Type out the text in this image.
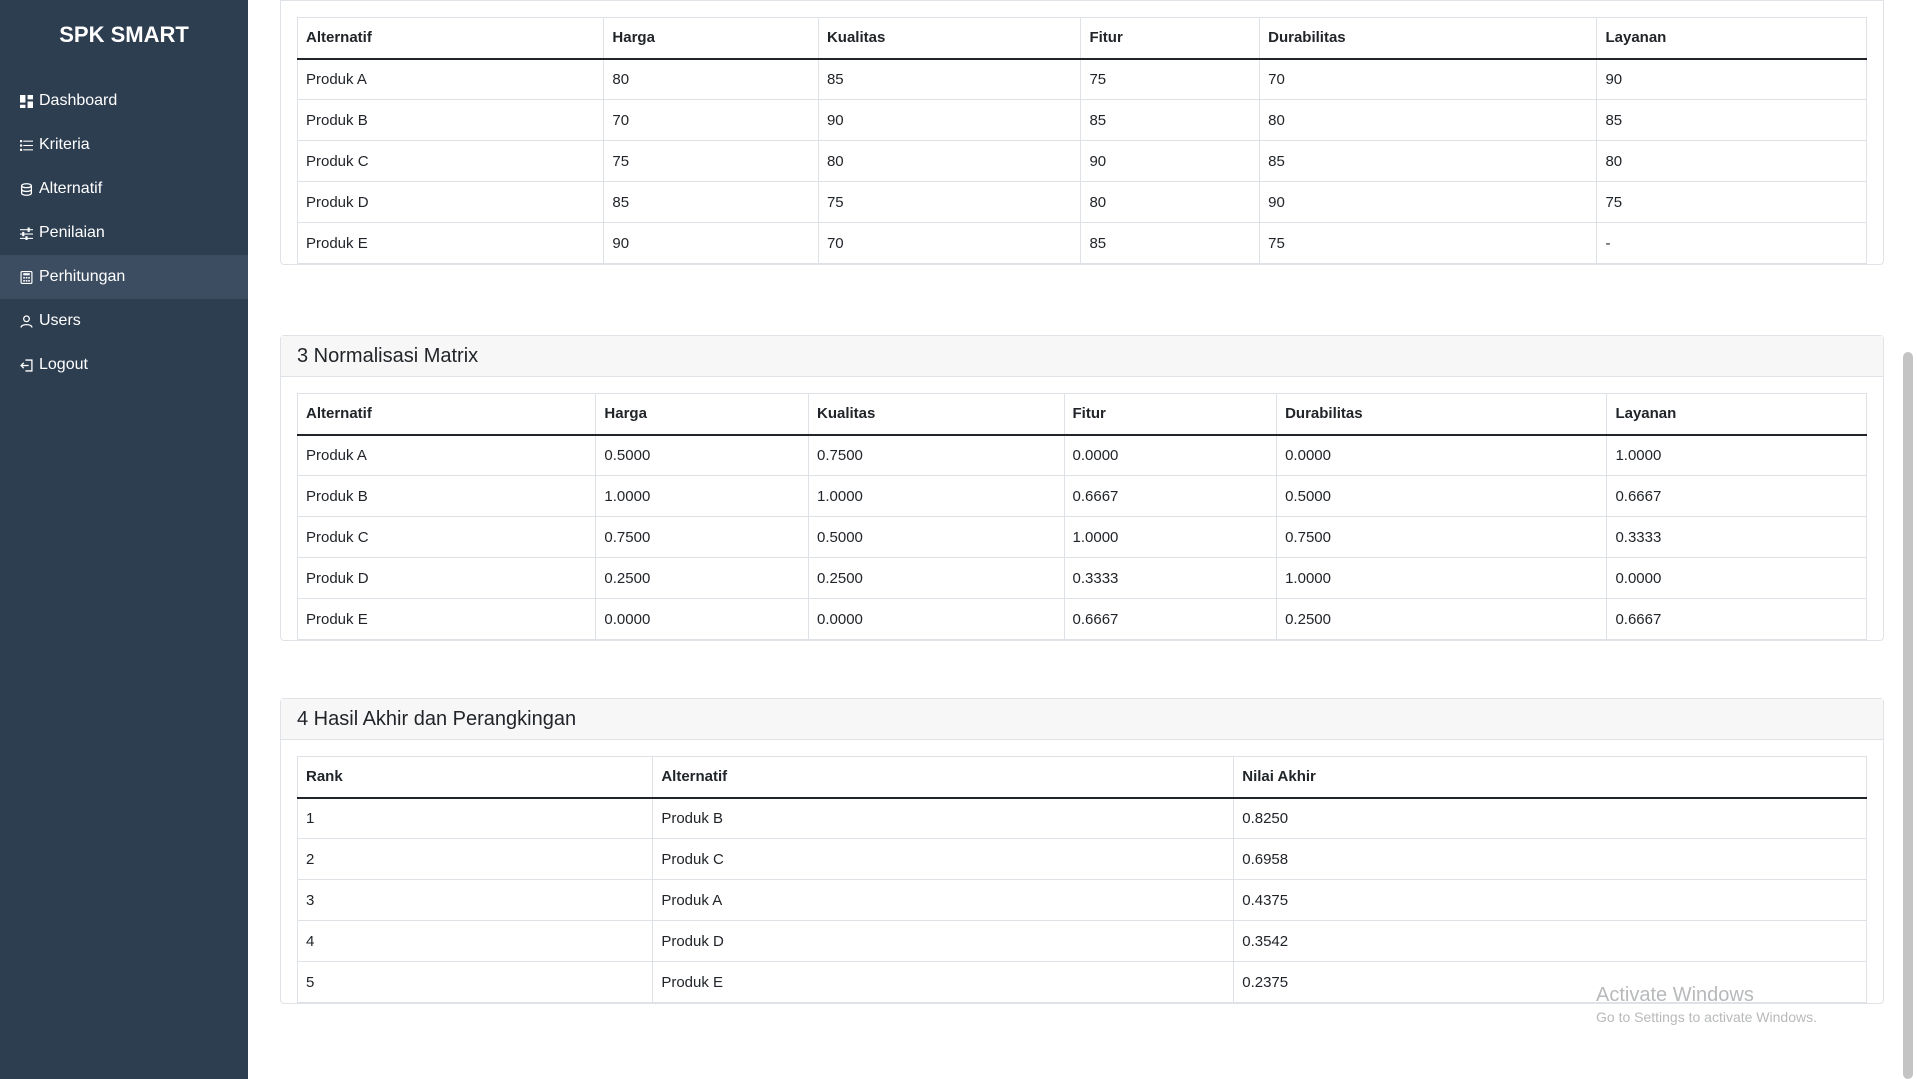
SPK SMART
Dashboard
Kriteria
Alternatif
Penilaian
Perhitungan
Users
Logout
Alternatif	Harga	Kualitas	Fitur	Durabilitas	Layanan
Produk A	80	85	75	70	90
Produk B	70	90	85	80	85
Produk C	75	80	90	85	80
Produk D	85	75	80	90	75
Produk E	90	70	85	75	-
3 Normalisasi Matrix
Alternatif	Harga	Kualitas	Fitur	Durabilitas	Layanan
Produk A	0.5000	0.7500	0.0000	0.0000	1.0000
Produk B	1.0000	1.0000	0.6667	0.5000	0.6667
Produk C	0.7500	0.5000	1.0000	0.7500	0.3333
Produk D	0.2500	0.2500	0.3333	1.0000	0.0000
Produk E	0.0000	0.0000	0.6667	0.2500	0.6667
4 Hasil Akhir dan Perangkingan
Rank	Alternatif	Nilai Akhir
1	Produk B	0.8250
2	Produk C	0.6958
3	Produk A	0.4375
4	Produk D	0.3542
5	Produk E	0.2375
Activate Windows
Go to Settings to activate Windows.
